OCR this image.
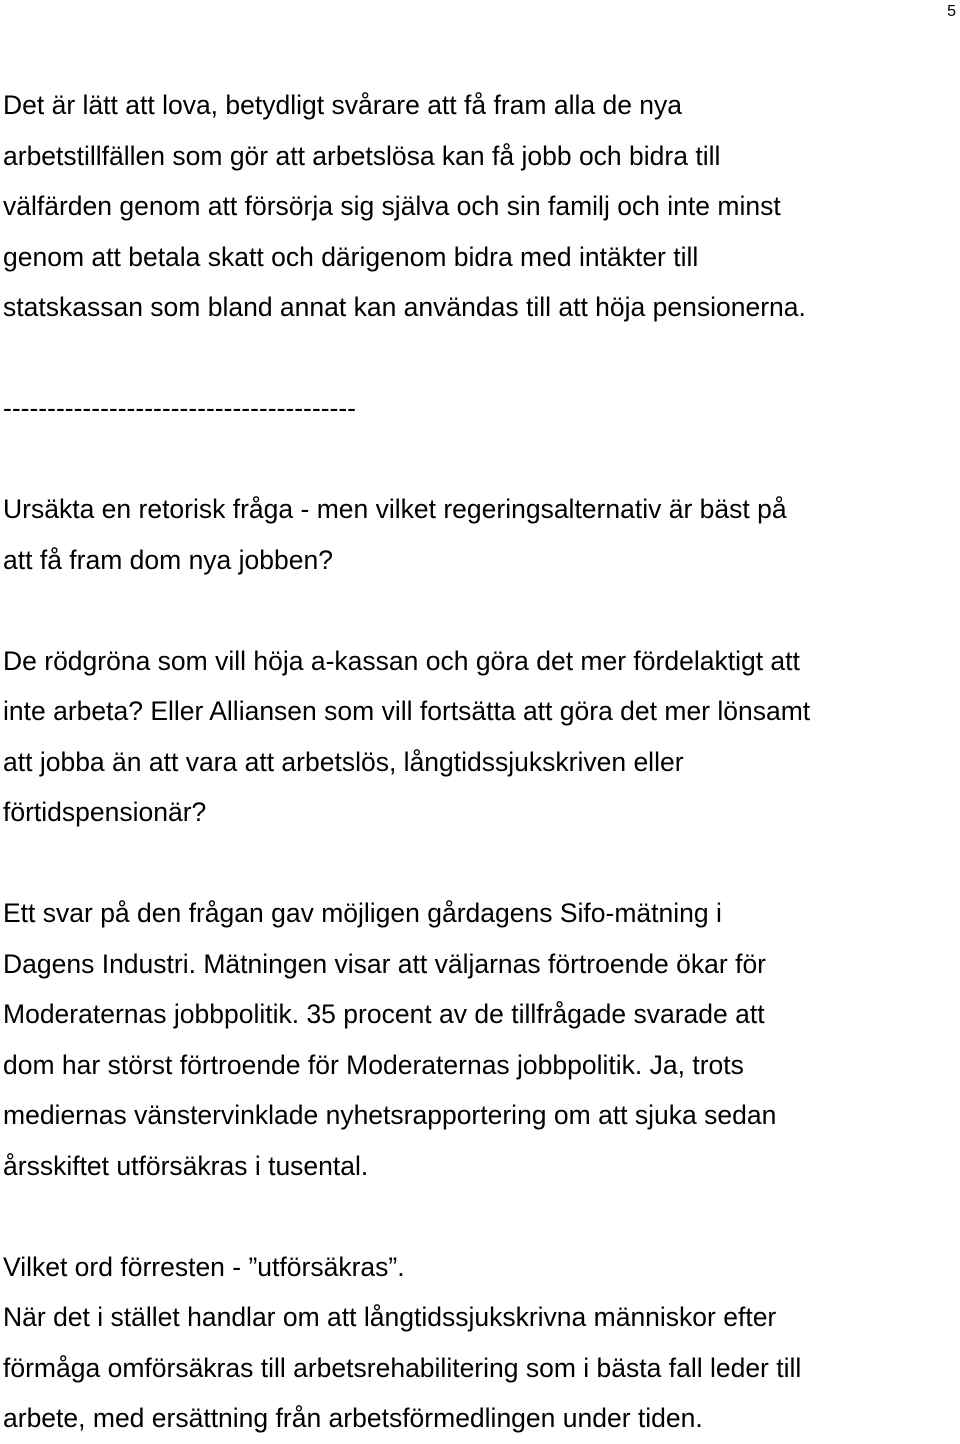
5

Det är lätt att lova, betydligt svårare att få fram alla de nya
arbetstillfällen som gör att arbetslösa kan få jobb och bidra till
välfärden genom att försörja sig själva och sin familj och inte minst
genom att betala skatt och därigenom bidra med intäkter till
statskassan som bland annat kan användas till att höja pensionerna.

----------------------------------------

Ursäkta en retorisk fråga - men vilket regeringsalternativ är bäst på
att få fram dom nya jobben?

De rödgröna som vill höja a-kassan och göra det mer fördelaktigt att
inte arbeta? Eller Alliansen som vill fortsätta att göra det mer lönsamt
att jobba än att vara att arbetslös, långtidssjukskriven eller
förtidspensionär?

Ett svar på den frågan gav möjligen gårdagens Sifo-mätning i
Dagens Industri. Mätningen visar att väljarnas förtroende ökar för
Moderaternas jobbpolitik. 35 procent av de tillfrågade svarade att
dom har störst förtroende för Moderaternas jobbpolitik. Ja, trots
mediernas vänstervinklade nyhetsrapportering om att sjuka sedan
årsskiftet utförsäkras i tusental.

Vilket ord förresten - ”utförsäkras”.
När det i stället handlar om att långtidssjukskrivna människor efter
förmåga omförsäkras till arbetsrehabilitering som i bästa fall leder till
arbete, med ersättning från arbetsförmedlingen under tiden.
